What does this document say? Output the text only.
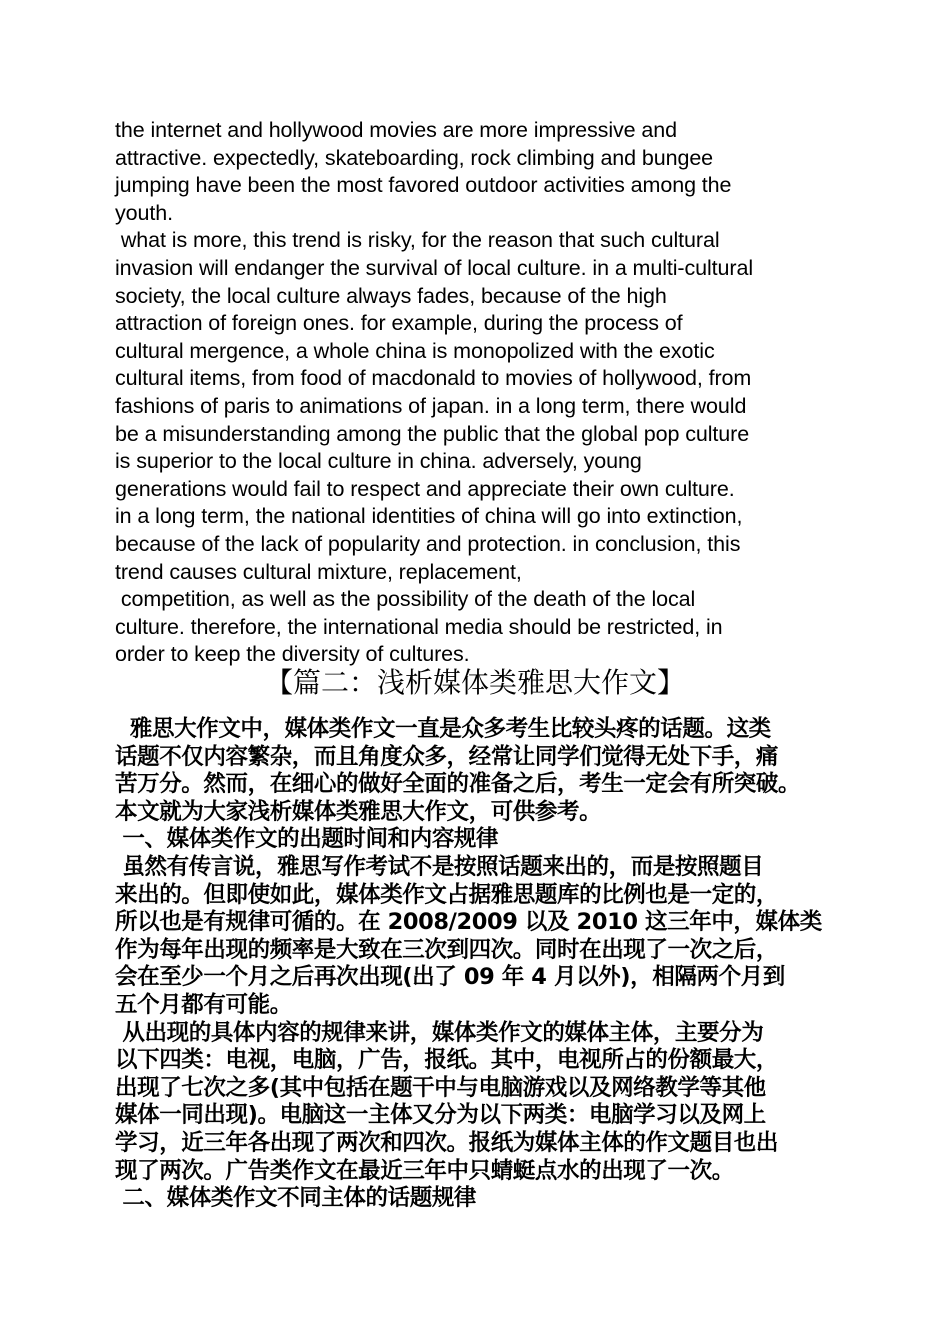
the internet and hollywood movies are more impressive and
attractive. expectedly, skateboarding, rock climbing and bungee
jumping have been the most favored outdoor activities among the
youth.
what is more, this trend is risky, for the reason that such cultural
invasion will endanger the survival of local culture. in a multi-cultural
society, the local culture always fades, because of the high
attraction of foreign ones. for example, during the process of
cultural mergence, a whole china is monopolized with the exotic
cultural items, from food of macdonald to movies of hollywood, from
fashions of paris to animations of japan. in a long term, there would
be a misunderstanding among the public that the global pop culture
is superior to the local culture in china. adversely, young
generations would fail to respect and appreciate their own culture.
in a long term, the national identities of china will go into extinction,
because of the lack of popularity and protection. in conclusion, this
trend causes cultural mixture, replacement,
competition, as well as the possibility of the death of the local
culture. therefore, the international media should be restricted, in
order to keep the diversity of cultures.
【篇二：浅析媒体类雅思大作文】
雅思大作文中，媒体类作文一直是众多考生比较头疼的话题。这类
话题不仅内容繁杂，而且角度众多，经常让同学们觉得无处下手，痛
苦万分。然而，在细心的做好全面的准备之后，考生一定会有所突破。
本文就为大家浅析媒体类雅思大作文，可供参考。
一、媒体类作文的出题时间和内容规律
虽然有传言说，雅思写作考试不是按照话题来出的，而是按照题目
来出的。但即使如此，媒体类作文占据雅思题库的比例也是一定的，
所以也是有规律可循的。在 2008/2009 以及 2010 这三年中，媒体类
作为每年出现的频率是大致在三次到四次。同时在出现了一次之后，
会在至少一个月之后再次出现(出了 09 年 4 月以外)，相隔两个月到
五个月都有可能。
从出现的具体内容的规律来讲，媒体类作文的媒体主体，主要分为
以下四类：电视，电脑，广告，报纸。其中，电视所占的份额最大，
出现了七次之多(其中包括在题干中与电脑游戏以及网络教学等其他
媒体一同出现)。电脑这一主体又分为以下两类：电脑学习以及网上
学习，近三年各出现了两次和四次。报纸为媒体主体的作文题目也出
现了两次。广告类作文在最近三年中只蜻蜓点水的出现了一次。
二、媒体类作文不同主体的话题规律
